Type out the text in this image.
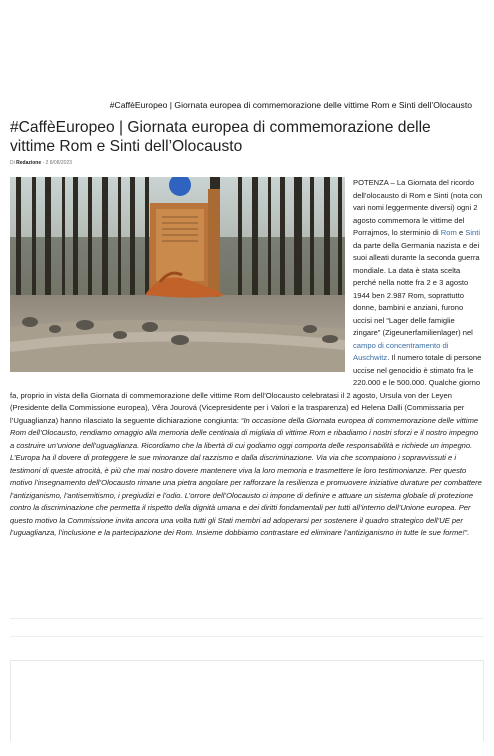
#CaffèEuropeo | Giornata europea di commemorazione delle vittime Rom e Sinti dell’Olocausto
#CaffèEuropeo | Giornata europea di commemorazione delle vittime Rom e Sinti dell’Olocausto
Di Redazione - 2 8/08/2023

POTENZA – La Giornata del ricordo dell’olocausto di Rom e Sinti (nota con vari nomi leggermente diversi) ogni 2 agosto commemora le vittime del Porrajmos, lo sterminio di Rom e Sinti da parte della Germania nazista e dei suoi alleati durante la seconda guerra mondiale. La data è stata scelta perché nella notte fra 2 e 3 agosto 1944 ben 2.987 Rom, soprattutto donne, bambini e anziani, furono uccisi nel “Lager delle famiglie zingare” (Zigeunerfamilienlager) nel campo di concentramento di Auschwitz. Il numero totale di persone uccise nel genocidio è stimato fra le 220.000 e le 500.000. Qualche giorno fa, proprio in vista della Giornata di commemorazione delle vittime Rom dell’Olocausto celebratasi il 2 agosto, Ursula von der Leyen (Presidente della Commissione europea), Věra Jourová (Vicepresidente per i Valori e la trasparenza) ed Helena Dalli (Commissaria per l’Uguaglianza) hanno rilasciato la seguente dichiarazione congiunta: “In occasione della Giornata europea di commemorazione delle vittime Rom dell’Olocausto, rendiamo omaggio alla memoria delle centinaia di migliaia di vittime Rom e ribadiamo i nostri sforzi e il nostro impegno a costruire un’unione dell’uguaglianza. Ricordiamo che la libertà di cui godiamo oggi comporta delle responsabilità e richiede un impegno. L’Europa ha il dovere di proteggere le sue minoranze dal razzismo e dalla discriminazione. Via via che scompaiono i sopravvissuti e i testimoni di queste atrocità, è più che mai nostro dovere mantenere viva la loro memoria e trasmettere le loro testimonianze. Per questo motivo l’insegnamento dell’Olocausto rimane una pietra angolare per rafforzare la resilienza e promuovere iniziative durature per combattere l’antiziganismo, l’antisemitismo, i pregiudizi e l’odio. L’orrore dell’Olocausto ci impone di definire e attuare un sistema globale di protezione contro la discriminazione che permetta il rispetto della dignità umana e dei diritti fondamentali per tutti all’interno dell’Unione europea. Per questo motivo la Commissione invita ancora una volta tutti gli Stati membri ad adoperarsi per sostenere il quadro strategico dell’UE per l’uguaglianza, l’inclusione e la partecipazione dei Rom. Insieme dobbiamo contrastare ed eliminare l’antiziganismo in tutte le sue forme!”.
